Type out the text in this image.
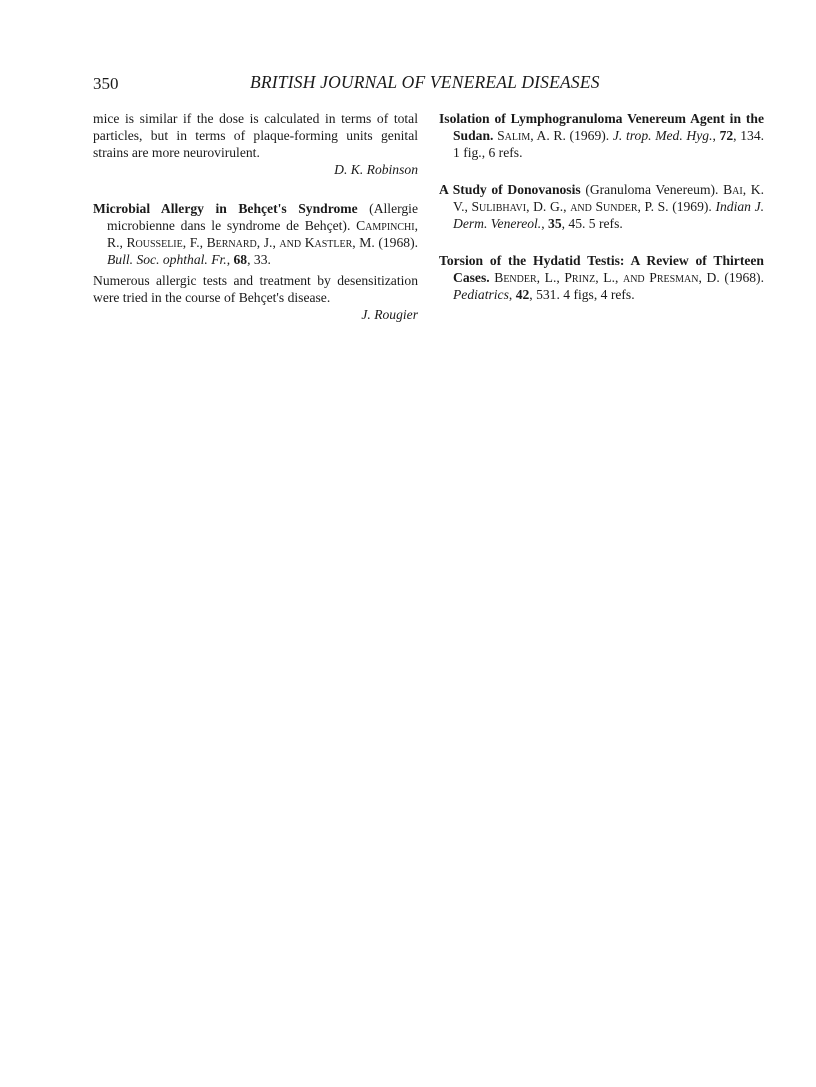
350	BRITISH JOURNAL OF VENEREAL DISEASES

mice is similar if the dose is calculated in terms of total particles, but in terms of plaque-forming units genital strains are more neurovirulent.

D. K. Robinson

Microbial Allergy in Behçet's Syndrome (Allergie microbienne dans le syndrome de Behçet). Campinchi, R., Rousselie, F., Bernard, J., and Kastler, M. (1968). Bull. Soc. ophthal. Fr., 68, 33.

Numerous allergic tests and treatment by desensitization were tried in the course of Behçet's disease.

J. Rougier

Isolation of Lymphogranuloma Venereum Agent in the Sudan. Salim, A. R. (1969). J. trop. Med. Hyg., 72, 134. 1 fig., 6 refs.
A Study of Donovanosis (Granuloma Venereum). Bai, K. V., Sulibhavi, D. G., and Sunder, P. S. (1969). Indian J. Derm. Venereol., 35, 45. 5 refs.
Torsion of the Hydatid Testis: A Review of Thirteen Cases. Bender, L., Prinz, L., and Presman, D. (1968). Pediatrics, 42, 531. 4 figs, 4 refs.
